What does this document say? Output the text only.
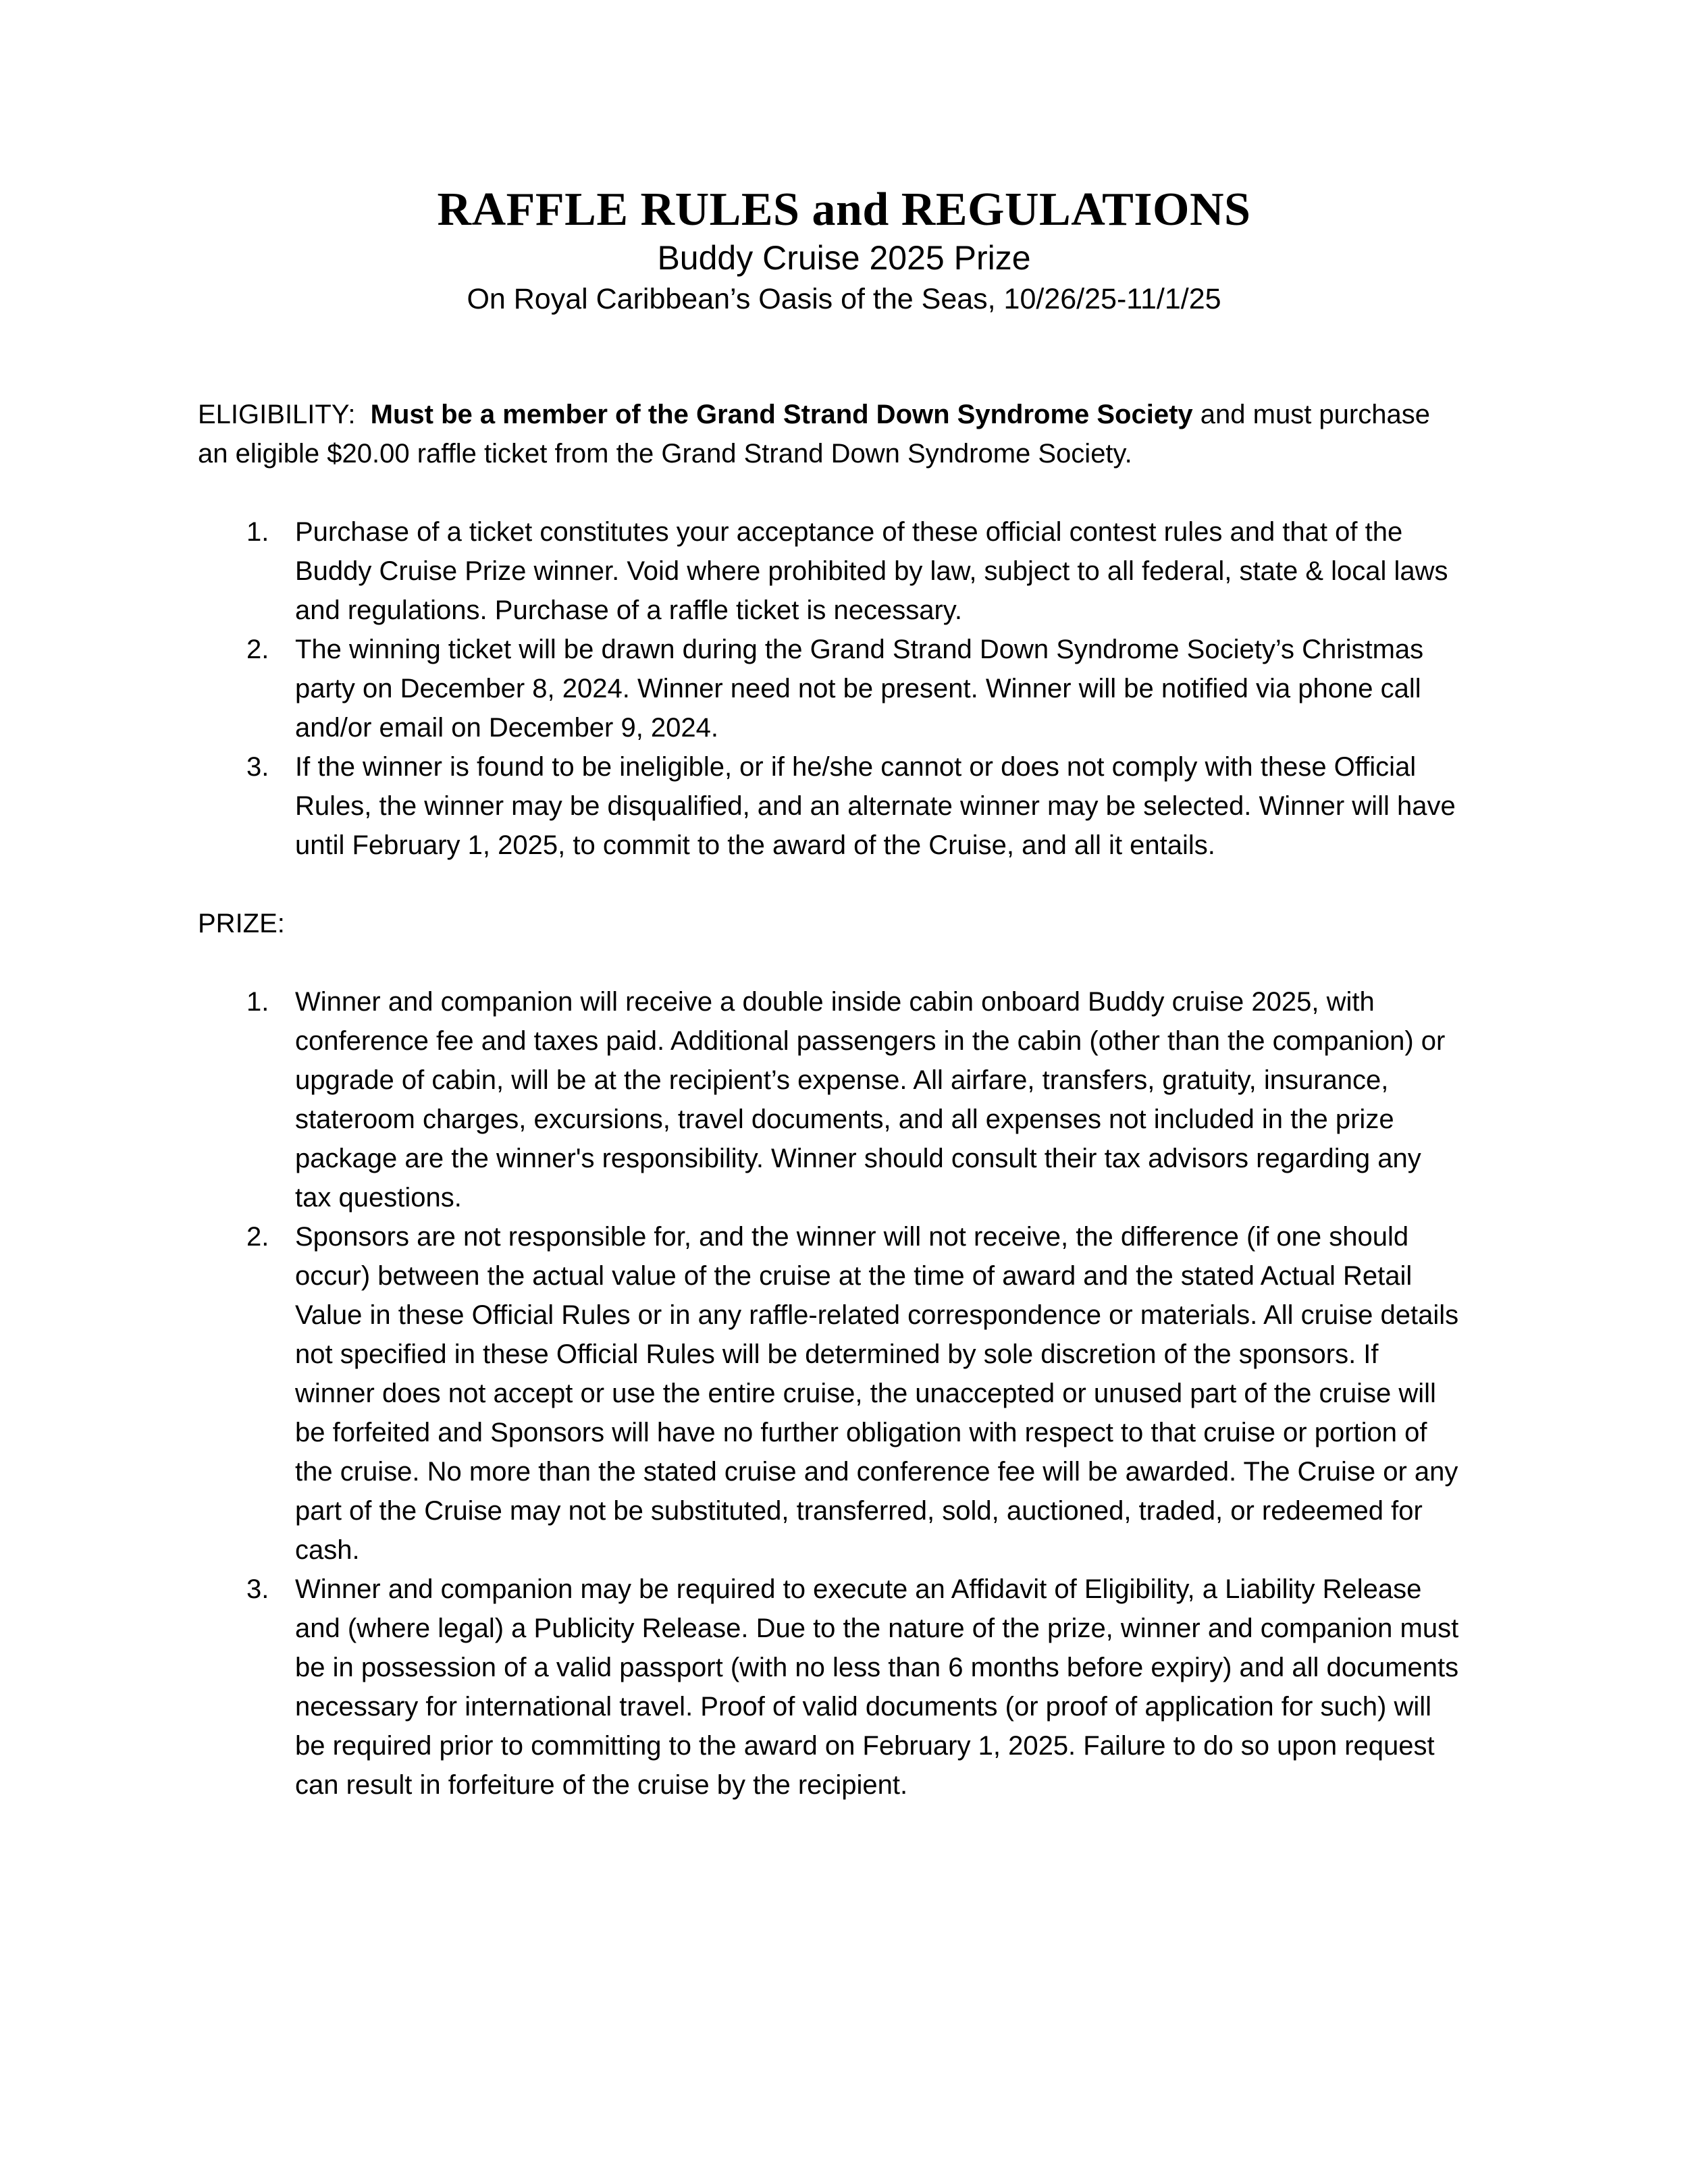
RAFFLE RULES and REGULATIONS
Buddy Cruise 2025 Prize
On Royal Caribbean’s Oasis of the Seas, 10/26/25-11/1/25

ELIGIBILITY: Must be a member of the Grand Strand Down Syndrome Society and must purchase an eligible $20.00 raffle ticket from the Grand Strand Down Syndrome Society.

1. Purchase of a ticket constitutes your acceptance of these official contest rules and that of the Buddy Cruise Prize winner. Void where prohibited by law, subject to all federal, state & local laws and regulations. Purchase of a raffle ticket is necessary.
2. The winning ticket will be drawn during the Grand Strand Down Syndrome Society’s Christmas party on December 8, 2024. Winner need not be present. Winner will be notified via phone call and/or email on December 9, 2024.
3. If the winner is found to be ineligible, or if he/she cannot or does not comply with these Official Rules, the winner may be disqualified, and an alternate winner may be selected. Winner will have until February 1, 2025, to commit to the award of the Cruise, and all it entails.

PRIZE:

1. Winner and companion will receive a double inside cabin onboard Buddy cruise 2025, with conference fee and taxes paid. Additional passengers in the cabin (other than the companion) or upgrade of cabin, will be at the recipient’s expense. All airfare, transfers, gratuity, insurance, stateroom charges, excursions, travel documents, and all expenses not included in the prize package are the winner's responsibility. Winner should consult their tax advisors regarding any tax questions.
2. Sponsors are not responsible for, and the winner will not receive, the difference (if one should occur) between the actual value of the cruise at the time of award and the stated Actual Retail Value in these Official Rules or in any raffle-related correspondence or materials. All cruise details not specified in these Official Rules will be determined by sole discretion of the sponsors. If winner does not accept or use the entire cruise, the unaccepted or unused part of the cruise will be forfeited and Sponsors will have no further obligation with respect to that cruise or portion of the cruise. No more than the stated cruise and conference fee will be awarded. The Cruise or any part of the Cruise may not be substituted, transferred, sold, auctioned, traded, or redeemed for cash.
3. Winner and companion may be required to execute an Affidavit of Eligibility, a Liability Release and (where legal) a Publicity Release. Due to the nature of the prize, winner and companion must be in possession of a valid passport (with no less than 6 months before expiry) and all documents necessary for international travel. Proof of valid documents (or proof of application for such) will be required prior to committing to the award on February 1, 2025. Failure to do so upon request can result in forfeiture of the cruise by the recipient.
